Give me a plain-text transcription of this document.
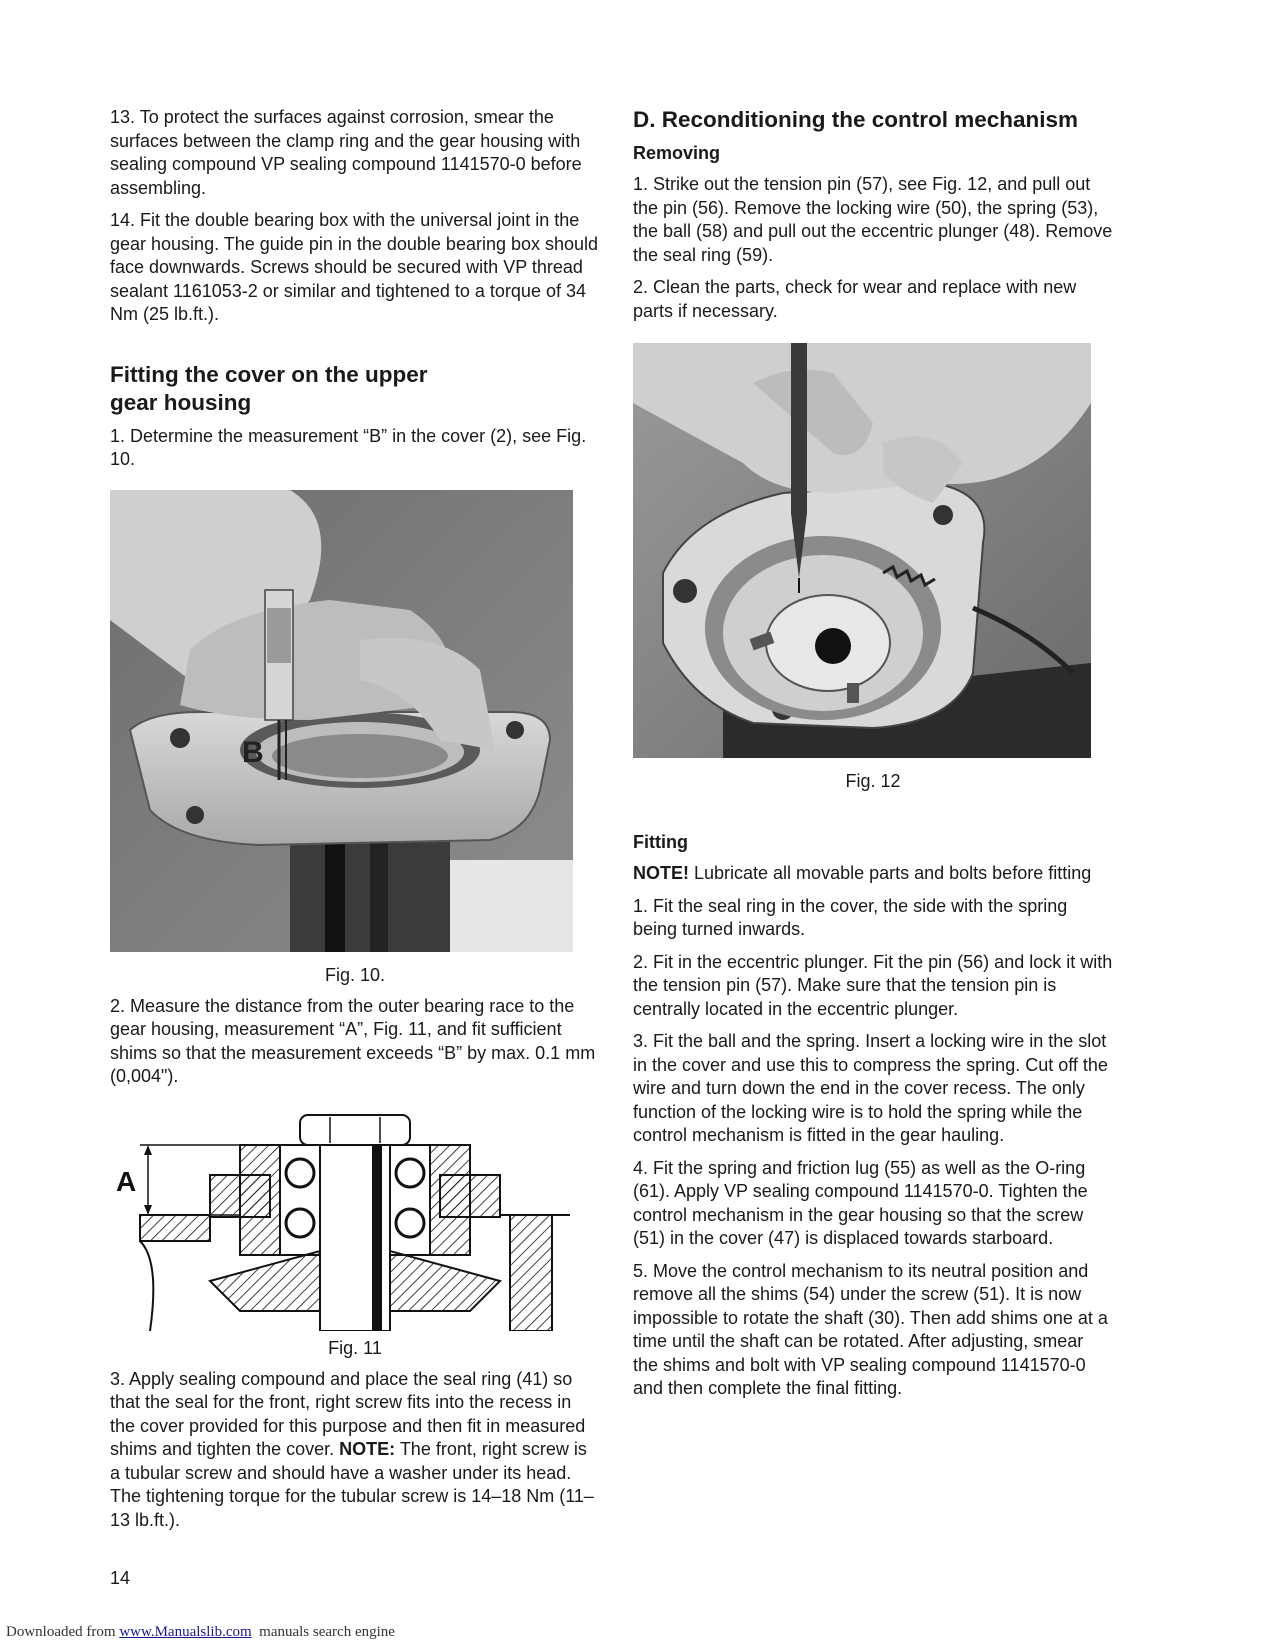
13. To protect the surfaces against corrosion, smear the surfaces between the clamp ring and the gear housing with sealing compound VP sealing compound 1141570-0 before assembling.

14. Fit the double bearing box with the universal joint in the gear housing. The guide pin in the double bearing box should face downwards. Screws should be secured with VP thread sealant 1161053-2 or similar and tightened to a torque of 34 Nm (25 lb.ft.).

Fitting the cover on the upper gear housing

1. Determine the measurement “B” in the cover (2), see Fig. 10.

B

Fig. 10.

2. Measure the distance from the outer bearing race to the gear housing, measurement “A”, Fig. 11, and fit sufficient shims so that the measurement exceeds “B” by max. 0.1 mm (0,004").

A

Fig. 11

3. Apply sealing compound and place the seal ring (41) so that the seal for the front, right screw fits into the recess in the cover provided for this purpose and then fit in measured shims and tighten the cover. NOTE: The front, right screw is a tubular screw and should have a washer under its head. The tightening torque for the tubular screw is 14–18 Nm (11–13 lb.ft.).

D. Reconditioning the control mechanism
Removing

1. Strike out the tension pin (57), see Fig. 12, and pull out the pin (56). Remove the locking wire (50), the spring (53), the ball (58) and pull out the eccentric plunger (48). Remove the seal ring (59).

2. Clean the parts, check for wear and replace with new parts if necessary.

Fig. 12

Fitting

NOTE! Lubricate all movable parts and bolts before fitting

1. Fit the seal ring in the cover, the side with the spring being turned inwards.

2. Fit in the eccentric plunger. Fit the pin (56) and lock it with the tension pin (57). Make sure that the tension pin is centrally located in the eccentric plunger.

3. Fit the ball and the spring. Insert a locking wire in the slot in the cover and use this to compress the spring. Cut off the wire and turn down the end in the cover recess. The only function of the locking wire is to hold the spring while the control mechanism is fitted in the gear hauling.

4. Fit the spring and friction lug (55) as well as the O-ring (61). Apply VP sealing compound 1141570-0. Tighten the control mechanism in the gear housing so that the screw (51) in the cover (47) is displaced towards starboard.

5. Move the control mechanism to its neutral position and remove all the shims (54) under the screw (51). It is now impossible to rotate the shaft (30). Then add shims one at a time until the shaft can be rotated. After adjusting, smear the shims and bolt with VP sealing compound 1141570-0 and then complete the final fitting.

14
Downloaded from www.Manualslib.com  manuals search engine
